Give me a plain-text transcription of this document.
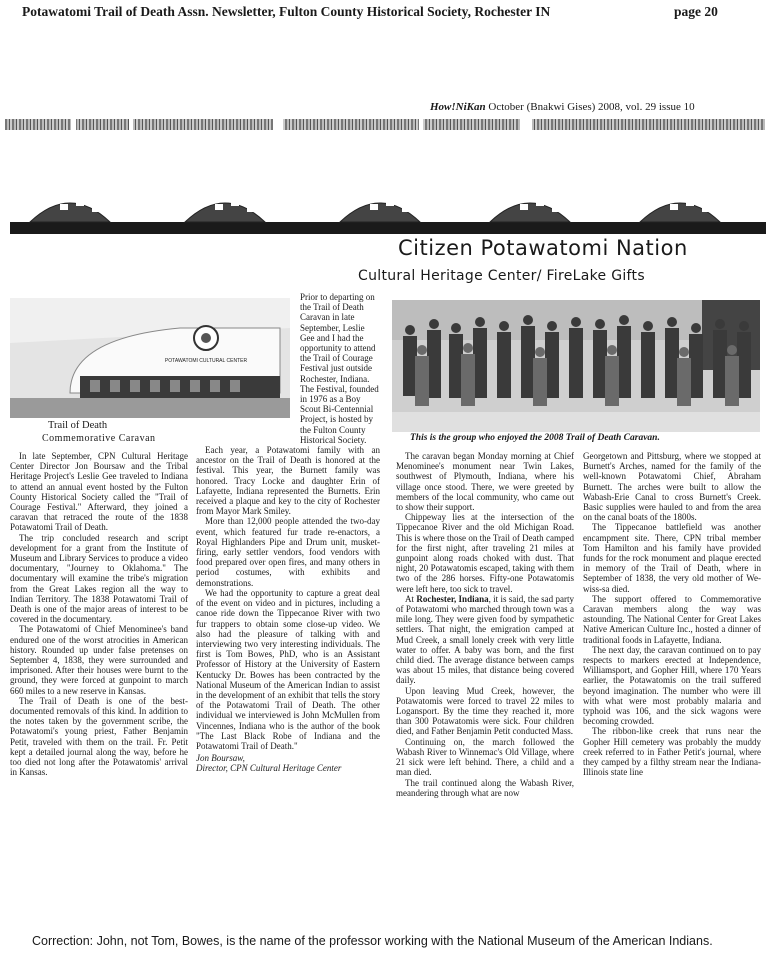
Potawatomi Trail of Death Assn. Newsletter, Fulton County Historical Society, Rochester IN	page 20
How!NiKan October (Bnakwi Gises) 2008, vol. 29 issue 10
Citizen Potawatomi Nation
Cultural Heritage Center/ FireLake Gifts
POTAWATOMI CULTURAL CENTER
Trail of Death
Commemorative Caravan	This is the group who enjoyed the 2008 Trail of Death Caravan.

In late September, CPN Cultural Heritage Center Director Jon Boursaw and the Tribal Heritage Project's Leslie Gee traveled to Indiana to attend an annual event hosted by the Fulton County Historical Society called the "Trail of Courage Festival." Afterward, they joined a caravan that retraced the route of the 1838 Potawatomi Trail of Death.

The trip concluded research and script development for a grant from the Institute of Museum and Library Services to produce a video documentary, "Journey to Oklahoma." The documentary will examine the tribe's migration from the Great Lakes region all the way to Indian Territory. The 1838 Potawatomi Trail of Death is one of the major areas of interest to be covered in the documentary.

The Potawatomi of Chief Menominee's band endured one of the worst atrocities in American history. Rounded up under false pretenses on September 4, 1838, they were surrounded and imprisoned. After their houses were burnt to the ground, they were forced at gunpoint to march 660 miles to a new reserve in Kansas.

The Trail of Death is one of the best-documented removals of this kind. In addition to the notes taken by the government scribe, the Potawatomi's young priest, Father Benjamin Petit, traveled with them on the trail. Fr. Petit kept a detailed journal along the way, before he too died not long after the Potawatomis' arrival in Kansas.

Prior to departing on the Trail of Death Caravan in late September, Leslie Gee and I had the opportunity to attend the Trail of Courage Festival just outside Rochester, Indiana. The Festival, founded in 1976 as a Boy Scout Bi-Centennial Project, is hosted by the Fulton County Historical Society.

Each year, a Potawatomi family with an ancestor on the Trail of Death is honored at the festival. This year, the Burnett family was honored. Tracy Locke and daughter Erin of Lafayette, Indiana represented the Burnetts. Erin received a plaque and key to the city of Rochester from Mayor Mark Smiley.

More than 12,000 people attended the two-day event, which featured fur trade re-enactors, a Royal Highlanders Pipe and Drum unit, musket-firing, early settler vendors, food vendors with food prepared over open fires, and many others in period costumes, with exhibits and demonstrations.

We had the opportunity to capture a great deal of the event on video and in pictures, including a canoe ride down the Tippecanoe River with two fur trappers to obtain some close-up video. We also had the pleasure of talking with and interviewing two very interesting individuals. The first is Tom Bowes, PhD, who is an Assistant Professor of History at the University of Eastern Kentucky Dr. Bowes has been contracted by the National Museum of the American Indian to assist in the development of an exhibit that tells the story of the Potawatomi Trail of Death. The other individual we interviewed is John McMullen from Vincennes, Indiana who is the author of the book "The Last Black Robe of Indiana and the Potawatomi Trail of Death."

Jon Boursaw,

Director, CPN Cultural Heritage Center

The caravan began Monday morning at Chief Menominee's monument near Twin Lakes, southwest of Plymouth, Indiana, where his village once stood. There, we were greeted by members of the local community, who came out to show their support.

Chippeway lies at the intersection of the Tippecanoe River and the old Michigan Road. This is where those on the Trail of Death camped for the first night, after traveling 21 miles at gunpoint along roads choked with dust. That night, 20 Potawatomis escaped, taking with them two of the 286 horses. Fifty-one Potawatomis were left here, too sick to travel.

At Rochester, Indiana, it is said, the sad party of Potawatomi who marched through town was a mile long. They were given food by sympathetic settlers. That night, the emigration camped at Mud Creek, a small lonely creek with very little water to offer. A baby was born, and the first child died. The average distance between camps was about 15 miles, that distance being covered daily.

Upon leaving Mud Creek, however, the Potawatomis were forced to travel 22 miles to Logansport. By the time they reached it, more than 300 Potawatomis were sick. Four children died, and Father Benjamin Petit conducted Mass.

Continuing on, the march followed the Wabash River to Winnemac's Old Village, where 21 sick were left behind. There, a child and a man died.

The trail continued along the Wabash River, meandering through what are now

Georgetown and Pittsburg, where we stopped at Burnett's Arches, named for the family of the well-known Potawatomi Chief, Abraham Burnett. The arches were built to allow the Wabash-Erie Canal to cross Burnett's Creek. Basic supplies were hauled to and from the area on the canal boats of the 1800s.

The Tippecanoe battlefield was another encampment site. There, CPN tribal member Tom Hamilton and his family have provided funds for the rock monument and plaque erected in memory of the Trail of Death, where in September of 1838, the very old mother of We-wiss-sa died.

The support offered to Commemorative Caravan members along the way was astounding. The National Center for Great Lakes Native American Culture Inc., hosted a dinner of traditional foods in Lafayette, Indiana.

The next day, the caravan continued on to pay respects to markers erected at Independence, Williamsport, and Gopher Hill, where 170 Years earlier, the Potawatomis on the trail suffered beyond imagination. The number who were ill with what were most probably malaria and typhoid was 106, and the sick wagons were becoming crowded.

The ribbon-like creek that runs near the Gopher Hill cemetery was probably the muddy creek referred to in Father Petit's journal, where they camped by a filthy stream near the Indiana-Illinois state line

Correction: John, not Tom, Bowes, is the name of the professor working with the National Museum of the American Indians.
